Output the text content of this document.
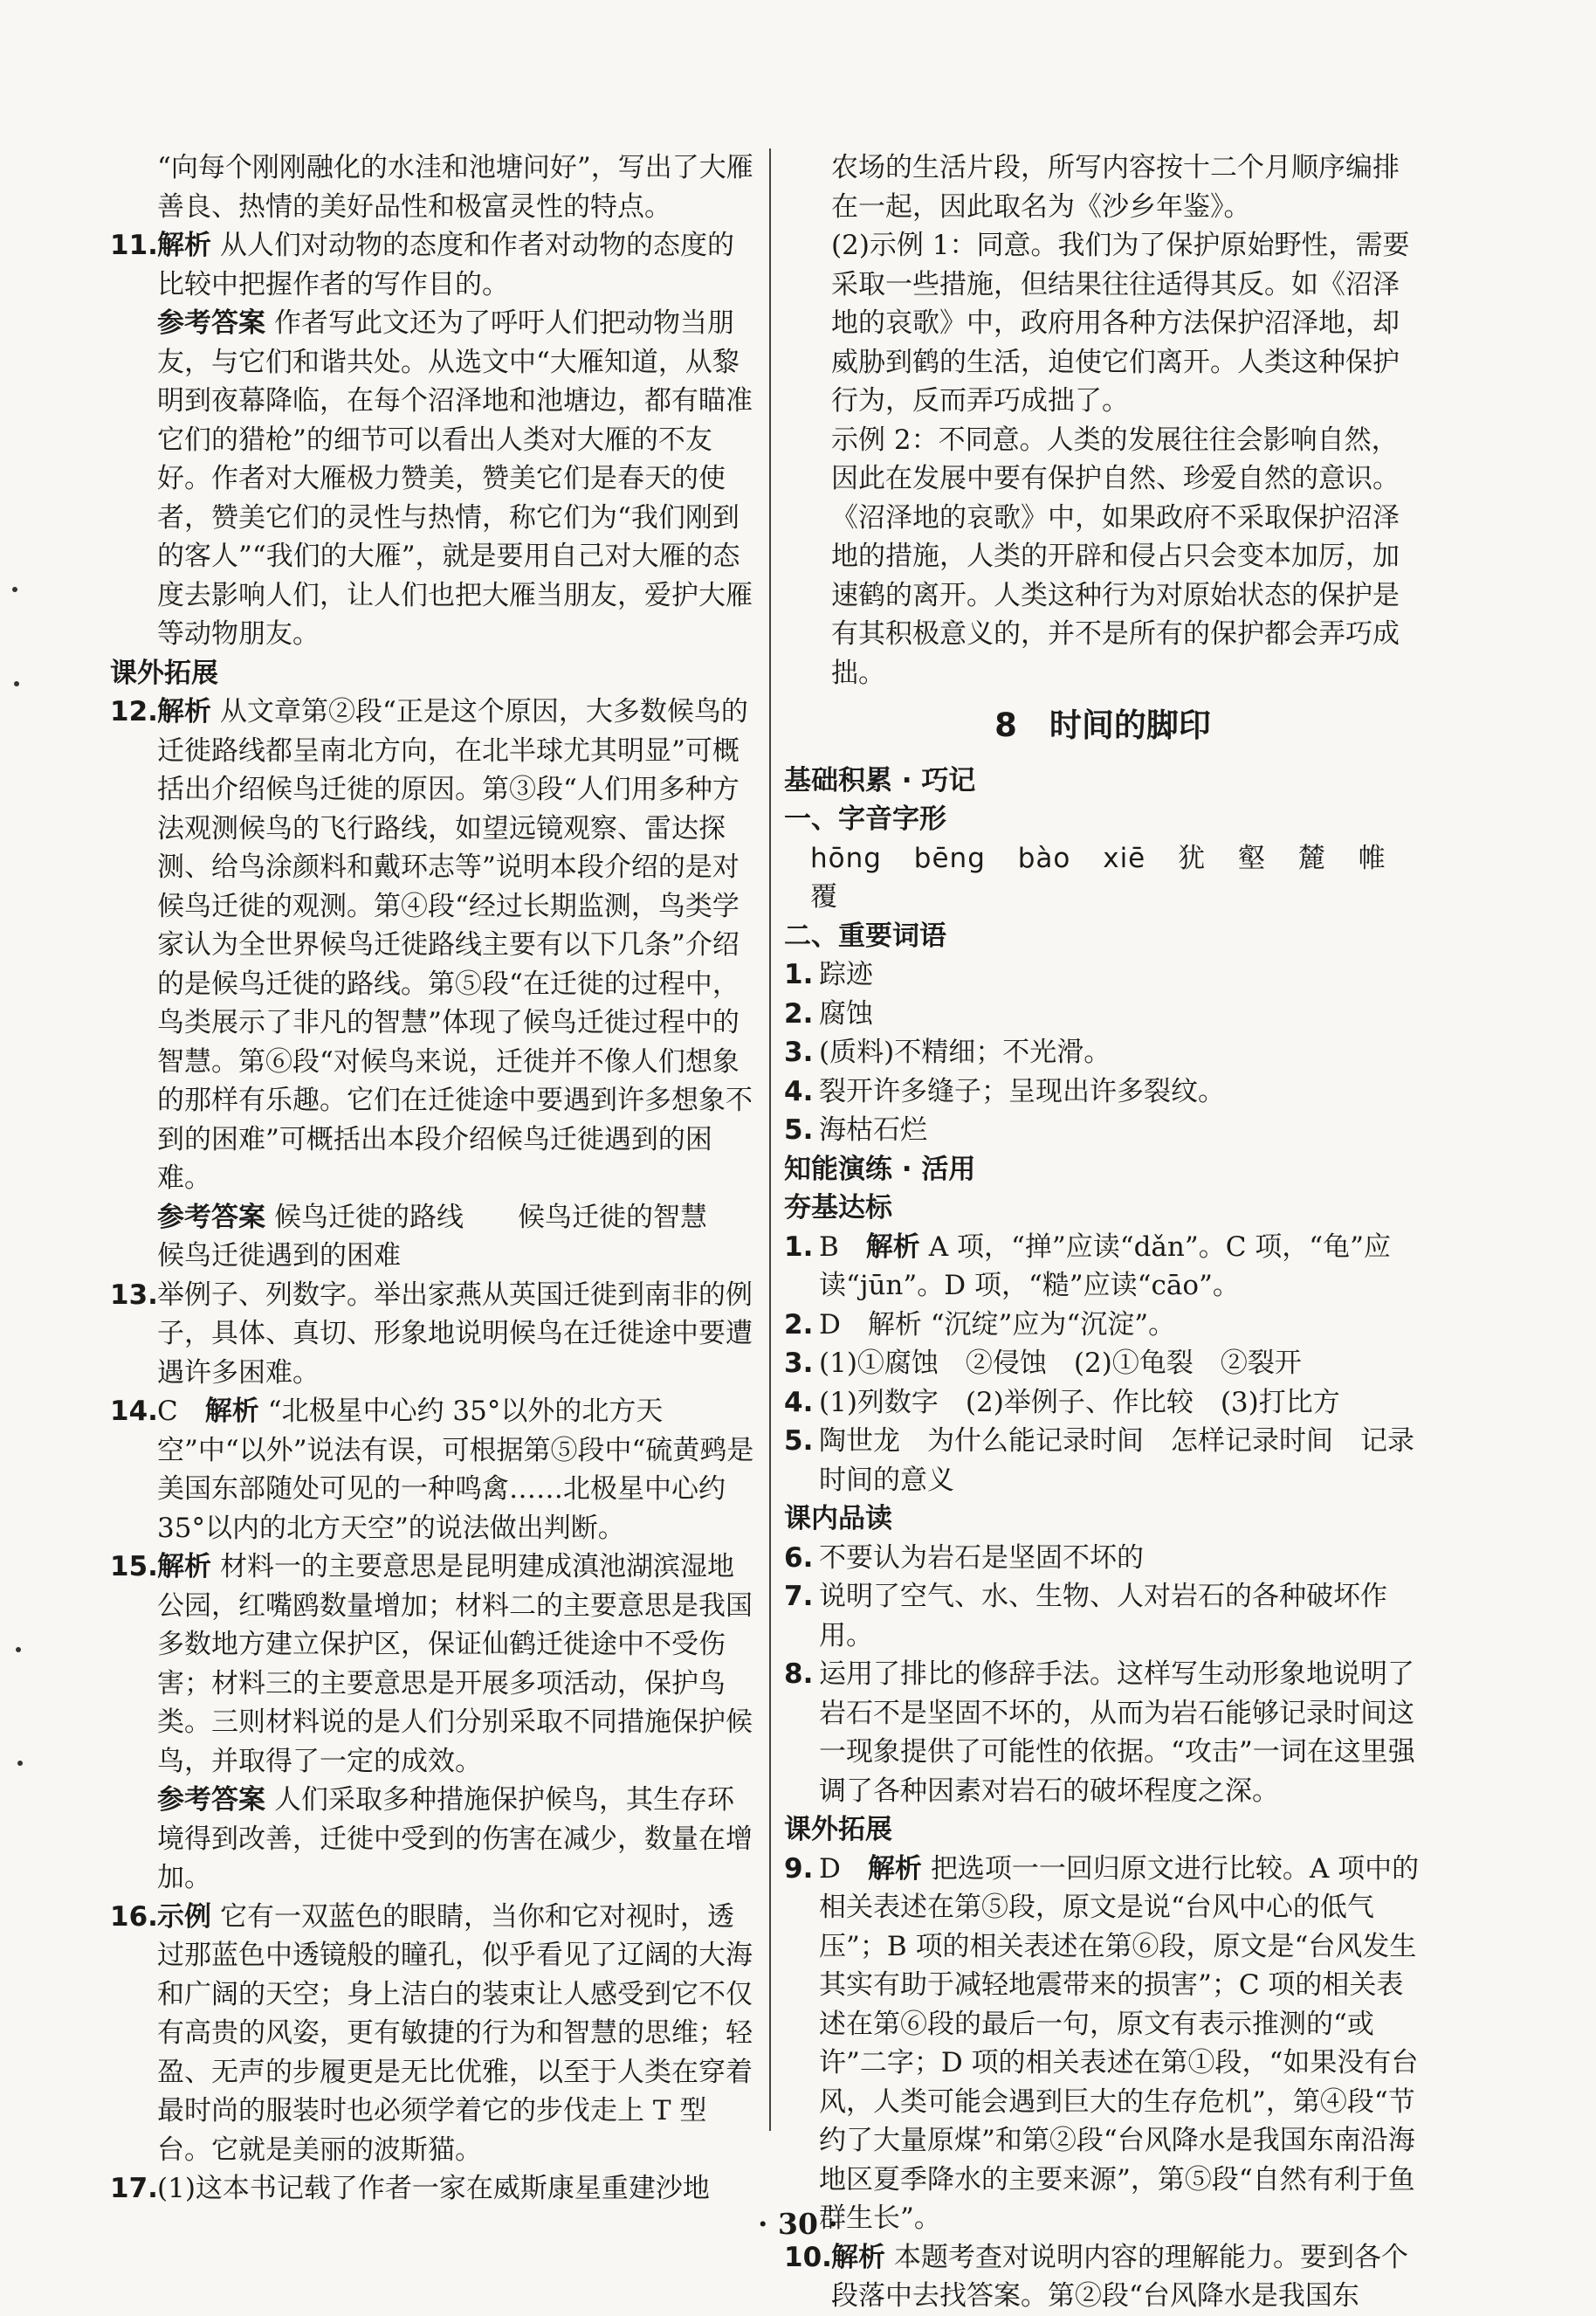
“向每个刚刚融化的水洼和池塘问好”，写出了大雁善良、热情的美好品性和极富灵性的特点。
11. 解析 从人们对动物的态度和作者对动物的态度的比较中把握作者的写作目的。
参考答案 作者写此文还为了呼吁人们把动物当朋友，与它们和谐共处。从选文中“大雁知道，从黎明到夜幕降临，在每个沼泽地和池塘边，都有瞄准它们的猎枪”的细节可以看出人类对大雁的不友好。作者对大雁极力赞美，赞美它们是春天的使者，赞美它们的灵性与热情，称它们为“我们刚到的客人”“我们的大雁”，就是要用自己对大雁的态度去影响人们，让人们也把大雁当朋友，爱护大雁等动物朋友。
课外拓展
12. 解析 从文章第②段“正是这个原因，大多数候鸟的迁徙路线都呈南北方向，在北半球尤其明显”可概括出介绍候鸟迁徙的原因。第③段“人们用多种方法观测候鸟的飞行路线，如望远镜观察、雷达探测、给鸟涂颜料和戴环志等”说明本段介绍的是对候鸟迁徙的观测。第④段“经过长期监测，鸟类学家认为全世界候鸟迁徙路线主要有以下几条”介绍的是候鸟迁徙的路线。第⑤段“在迁徙的过程中，鸟类展示了非凡的智慧”体现了候鸟迁徙过程中的智慧。第⑥段“对候鸟来说，迁徙并不像人们想象的那样有乐趣。它们在迁徙途中要遇到许多想象不到的困难”可概括出本段介绍候鸟迁徙遇到的困难。
参考答案 候鸟迁徙的路线　　 候鸟迁徙的智慧
候鸟迁徙遇到的困难
13. 举例子、列数字。举出家燕从英国迁徙到南非的例子，具体、真切、形象地说明候鸟在迁徙途中要遭遇许多困难。
14. C　 解析 “北极星中心约 35°以外的北方天空”中“以外”说法有误，可根据第⑤段中“硫黄鹀是美国东部随处可见的一种鸣禽……北极星中心约 35°以内的北方天空”的说法做出判断。
15. 解析 材料一的主要意思是昆明建成滇池湖滨湿地公园，红嘴鸥数量增加；材料二的主要意思是我国多数地方建立保护区，保证仙鹤迁徙途中不受伤害；材料三的主要意思是开展多项活动，保护鸟类。三则材料说的是人们分别采取不同措施保护候鸟，并取得了一定的成效。
参考答案 人们采取多种措施保护候鸟，其生存环境得到改善，迁徙中受到的伤害在减少，数量在增加。
16. 示例 它有一双蓝色的眼睛，当你和它对视时，透过那蓝色中透镜般的瞳孔，似乎看见了辽阔的大海和广阔的天空；身上洁白的装束让人感受到它不仅有高贵的风姿，更有敏捷的行为和智慧的思维；轻盈、无声的步履更是无比优雅，以至于人类在穿着最时尚的服装时也必须学着它的步伐走上 T 型台。它就是美丽的波斯猫。
17. (1)这本书记载了作者一家在威斯康星重建沙地
农场的生活片段，所写内容按十二个月顺序编排在一起，因此取名为《沙乡年鉴》。
(2)示例 1：同意。我们为了保护原始野性，需要采取一些措施，但结果往往适得其反。如《沼泽地的哀歌》中，政府用各种方法保护沼泽地，却威胁到鹤的生活，迫使它们离开。人类这种保护行为，反而弄巧成拙了。
示例 2：不同意。人类的发展往往会影响自然，因此在发展中要有保护自然、珍爱自然的意识。《沼泽地的哀歌》中，如果政府不采取保护沼泽地的措施，人类的开辟和侵占只会变本加厉，加速鹤的离开。人类这种行为对原始状态的保护是有其积极意义的，并不是所有的保护都会弄巧成拙。
8　时间的脚印
基础积累 · 巧记
一、字音字形
hōng bēng bào xiē 犹 壑 麓 帷 覆
二、重要词语
1. 踪迹
2. 腐蚀
3. (质料)不精细；不光滑。
4. 裂开许多缝子；呈现出许多裂纹。
5. 海枯石烂
知能演练 · 活用
夯基达标
1. B　 解析 A 项，“掸”应读“dǎn”。C 项，“龟”应读“jūn”。D 项，“糙”应读“cāo”。
2. D　解析 “沉绽”应为“沉淀”。
3. (1)①腐蚀　②侵蚀　(2)①龟裂　②裂开
4. (1)列数字　(2)举例子、作比较　(3)打比方
5. 陶世龙　为什么能记录时间　怎样记录时间　记录时间的意义
课内品读
6. 不要认为岩石是坚固不坏的
7. 说明了空气、水、生物、人对岩石的各种破坏作用。
8. 运用了排比的修辞手法。这样写生动形象地说明了岩石不是坚固不坏的，从而为岩石能够记录时间这一现象提供了可能性的依据。“攻击”一词在这里强调了各种因素对岩石的破坏程度之深。
课外拓展
9. D　 解析 把选项一一回归原文进行比较。A 项中的相关表述在第⑤段，原文是说“台风中心的低气压”；B 项的相关表述在第⑥段，原文是“台风发生其实有助于减轻地震带来的损害”；C 项的相关表述在第⑥段的最后一句，原文有表示推测的“或许”二字；D 项的相关表述在第①段，“如果没有台风，人类可能会遇到巨大的生存危机”，第④段“节约了大量原煤”和第②段“台风降水是我国东南沿海地区夏季降水的主要来源”，第⑤段“自然有利于鱼群生长”。
10. 解析 本题考查对说明内容的理解能力。要到各个段落中去找答案。第②段“台风降水是我国东
· 30 ·
